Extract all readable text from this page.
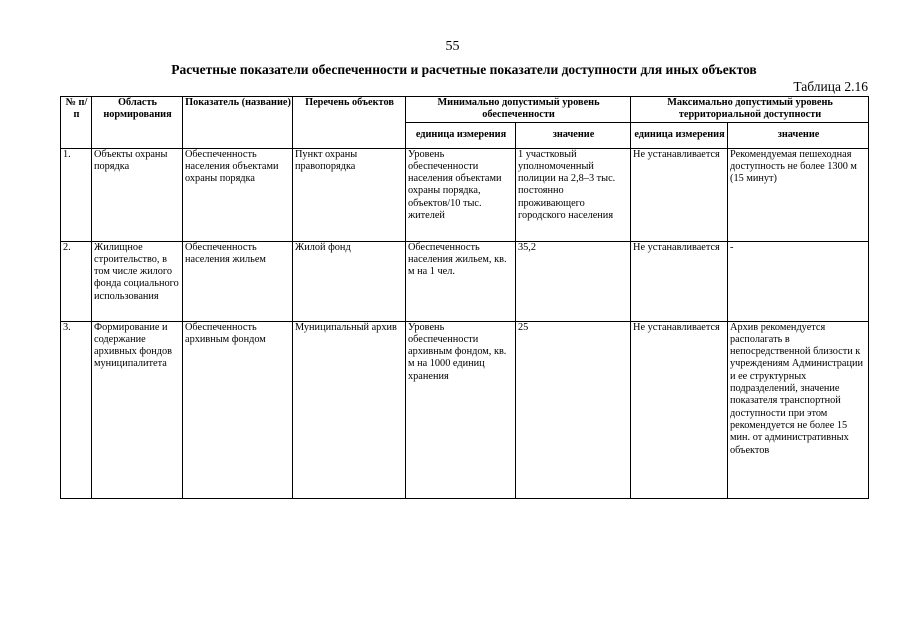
55
Расчетные показатели обеспеченности и расчетные показатели доступности для иных объектов
Таблица 2.16
№ п/п	Область нормирования	Показатель (название)	Перечень объектов	Минимально допустимый уровень обеспеченности		Максимально допустимый уровень территориальной доступности	
				единица измерения	значение	единица измерения	значение
1.	Объекты охраны порядка	Обеспеченность населения объектами охраны порядка	Пункт охраны правопорядка	Уровень обеспеченности населения объектами охраны порядка, объектов/10 тыс. жителей	1 участковый уполномоченный полиции на 2,8–3 тыс. постоянно проживающего городского населения	Не устанавливается	Рекомендуемая пешеходная доступность не более 1300 м (15 минут)
2.	Жилищное строительство, в том числе жилого фонда социального использования	Обеспеченность населения жильем	Жилой фонд	Обеспеченность населения жильем, кв. м на 1 чел.	35,2	Не устанавливается	-
3.	Формирование и содержание архивных фондов муниципалитета	Обеспеченность архивным фондом	Муниципальный архив	Уровень обеспеченности архивным фондом, кв. м на 1000 единиц хранения	25	Не устанавливается	Архив рекомендуется располагать в непосредственной близости к учреждениям Администрации и ее структурных подразделений, значение показателя транспортной доступности при этом рекомендуется не более 15 мин. от административных объектов
